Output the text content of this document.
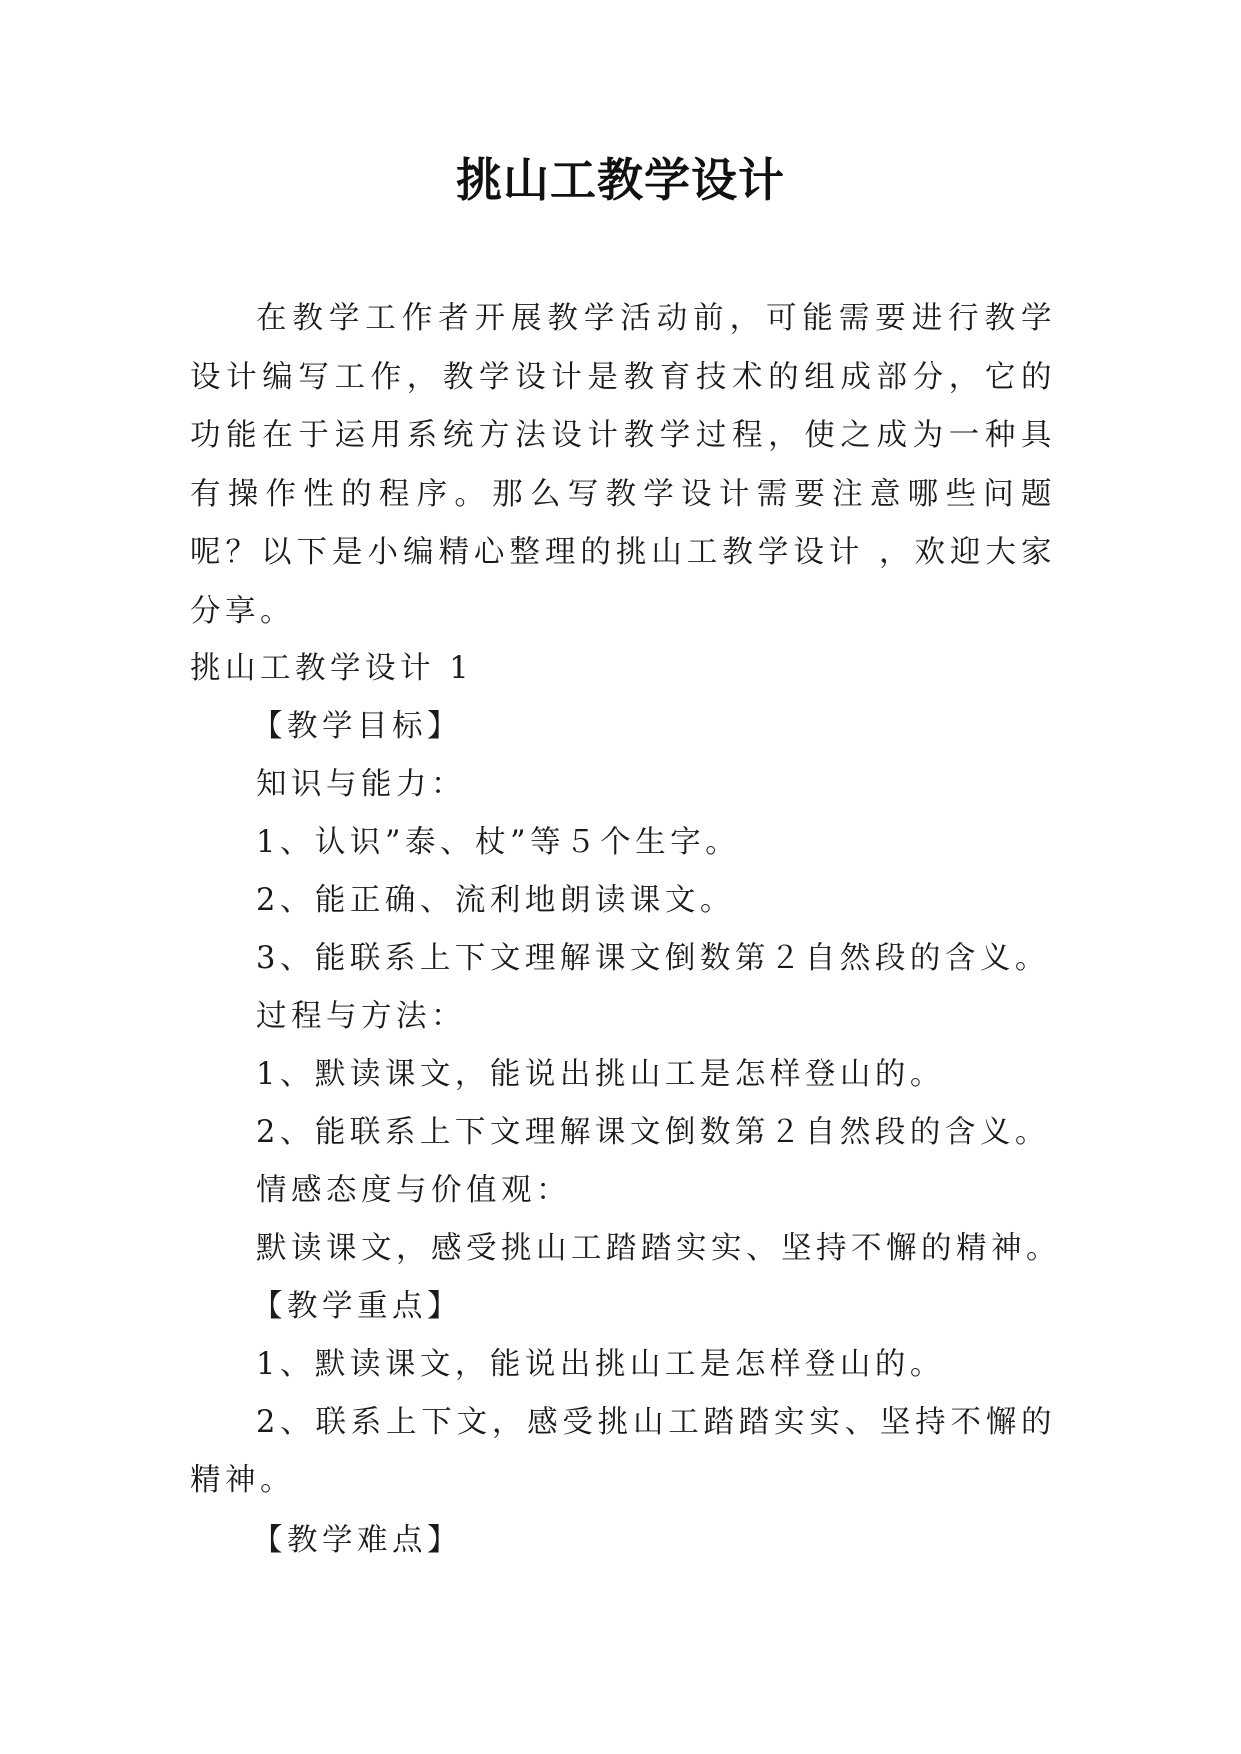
挑山工教学设计

在教学工作者开展教学活动前，可能需要进行教学设计编写工作，教学设计是教育技术的组成部分，它的功能在于运用系统方法设计教学过程，使之成为一种具有操作性的程序。那么写教学设计需要注意哪些问题呢？以下是小编精心整理的挑山工教学设计 ，欢迎大家分享。

挑山工教学设计 1

【教学目标】

知识与能力：

1、认识”泰、杖”等５个生字。

2、能正确、流利地朗读课文。

3、能联系上下文理解课文倒数第２自然段的含义。

过程与方法：

1、默读课文，能说出挑山工是怎样登山的。

2、能联系上下文理解课文倒数第２自然段的含义。

情感态度与价值观：

默读课文，感受挑山工踏踏实实、坚持不懈的精神。

【教学重点】

1、默读课文，能说出挑山工是怎样登山的。

2、联系上下文，感受挑山工踏踏实实、坚持不懈的精神。

【教学难点】
